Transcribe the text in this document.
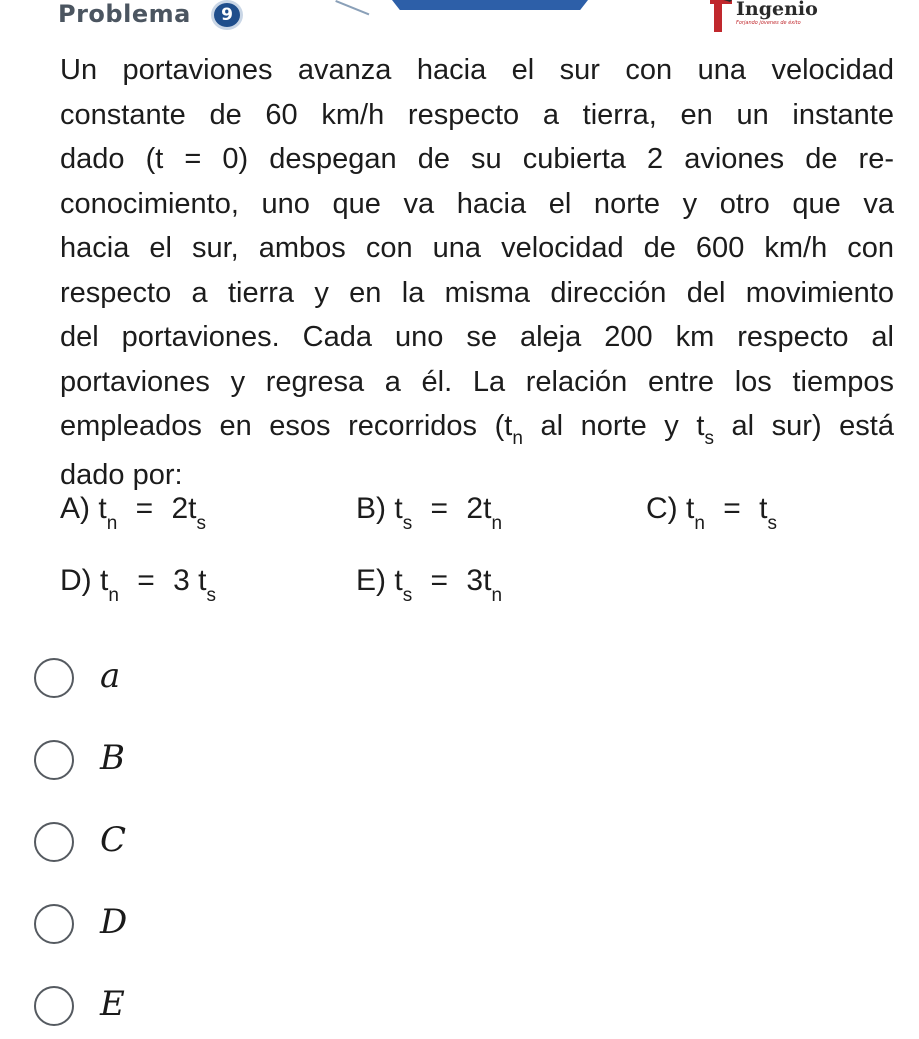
Problema	9	Ingenio
Forjando jóvenes de éxito
Un portaviones avanza hacia el sur con una velocidad
constante de 60 km/h respecto a tierra, en un instante
dado (t = 0) despegan de su cubierta 2 aviones de re-
conocimiento, uno que va hacia el norte y otro que va
hacia el sur, ambos con una velocidad de 600 km/h con
respecto a tierra y en la misma dirección del movimiento
del portaviones. Cada uno se aleja 200 km respecto al
portaviones y regresa a él. La relación entre los tiempos
empleados en esos recorridos ($t_n$ al norte y $t_s$ al sur) está
dado por:
A) $t_n = 2t_s$	B) $t_s = 2t_n$	C) $t_n = t_s$
D) $t_n = 3$ $t_s$	E) $t_s = 3t_n$
a
B
C
D
E
